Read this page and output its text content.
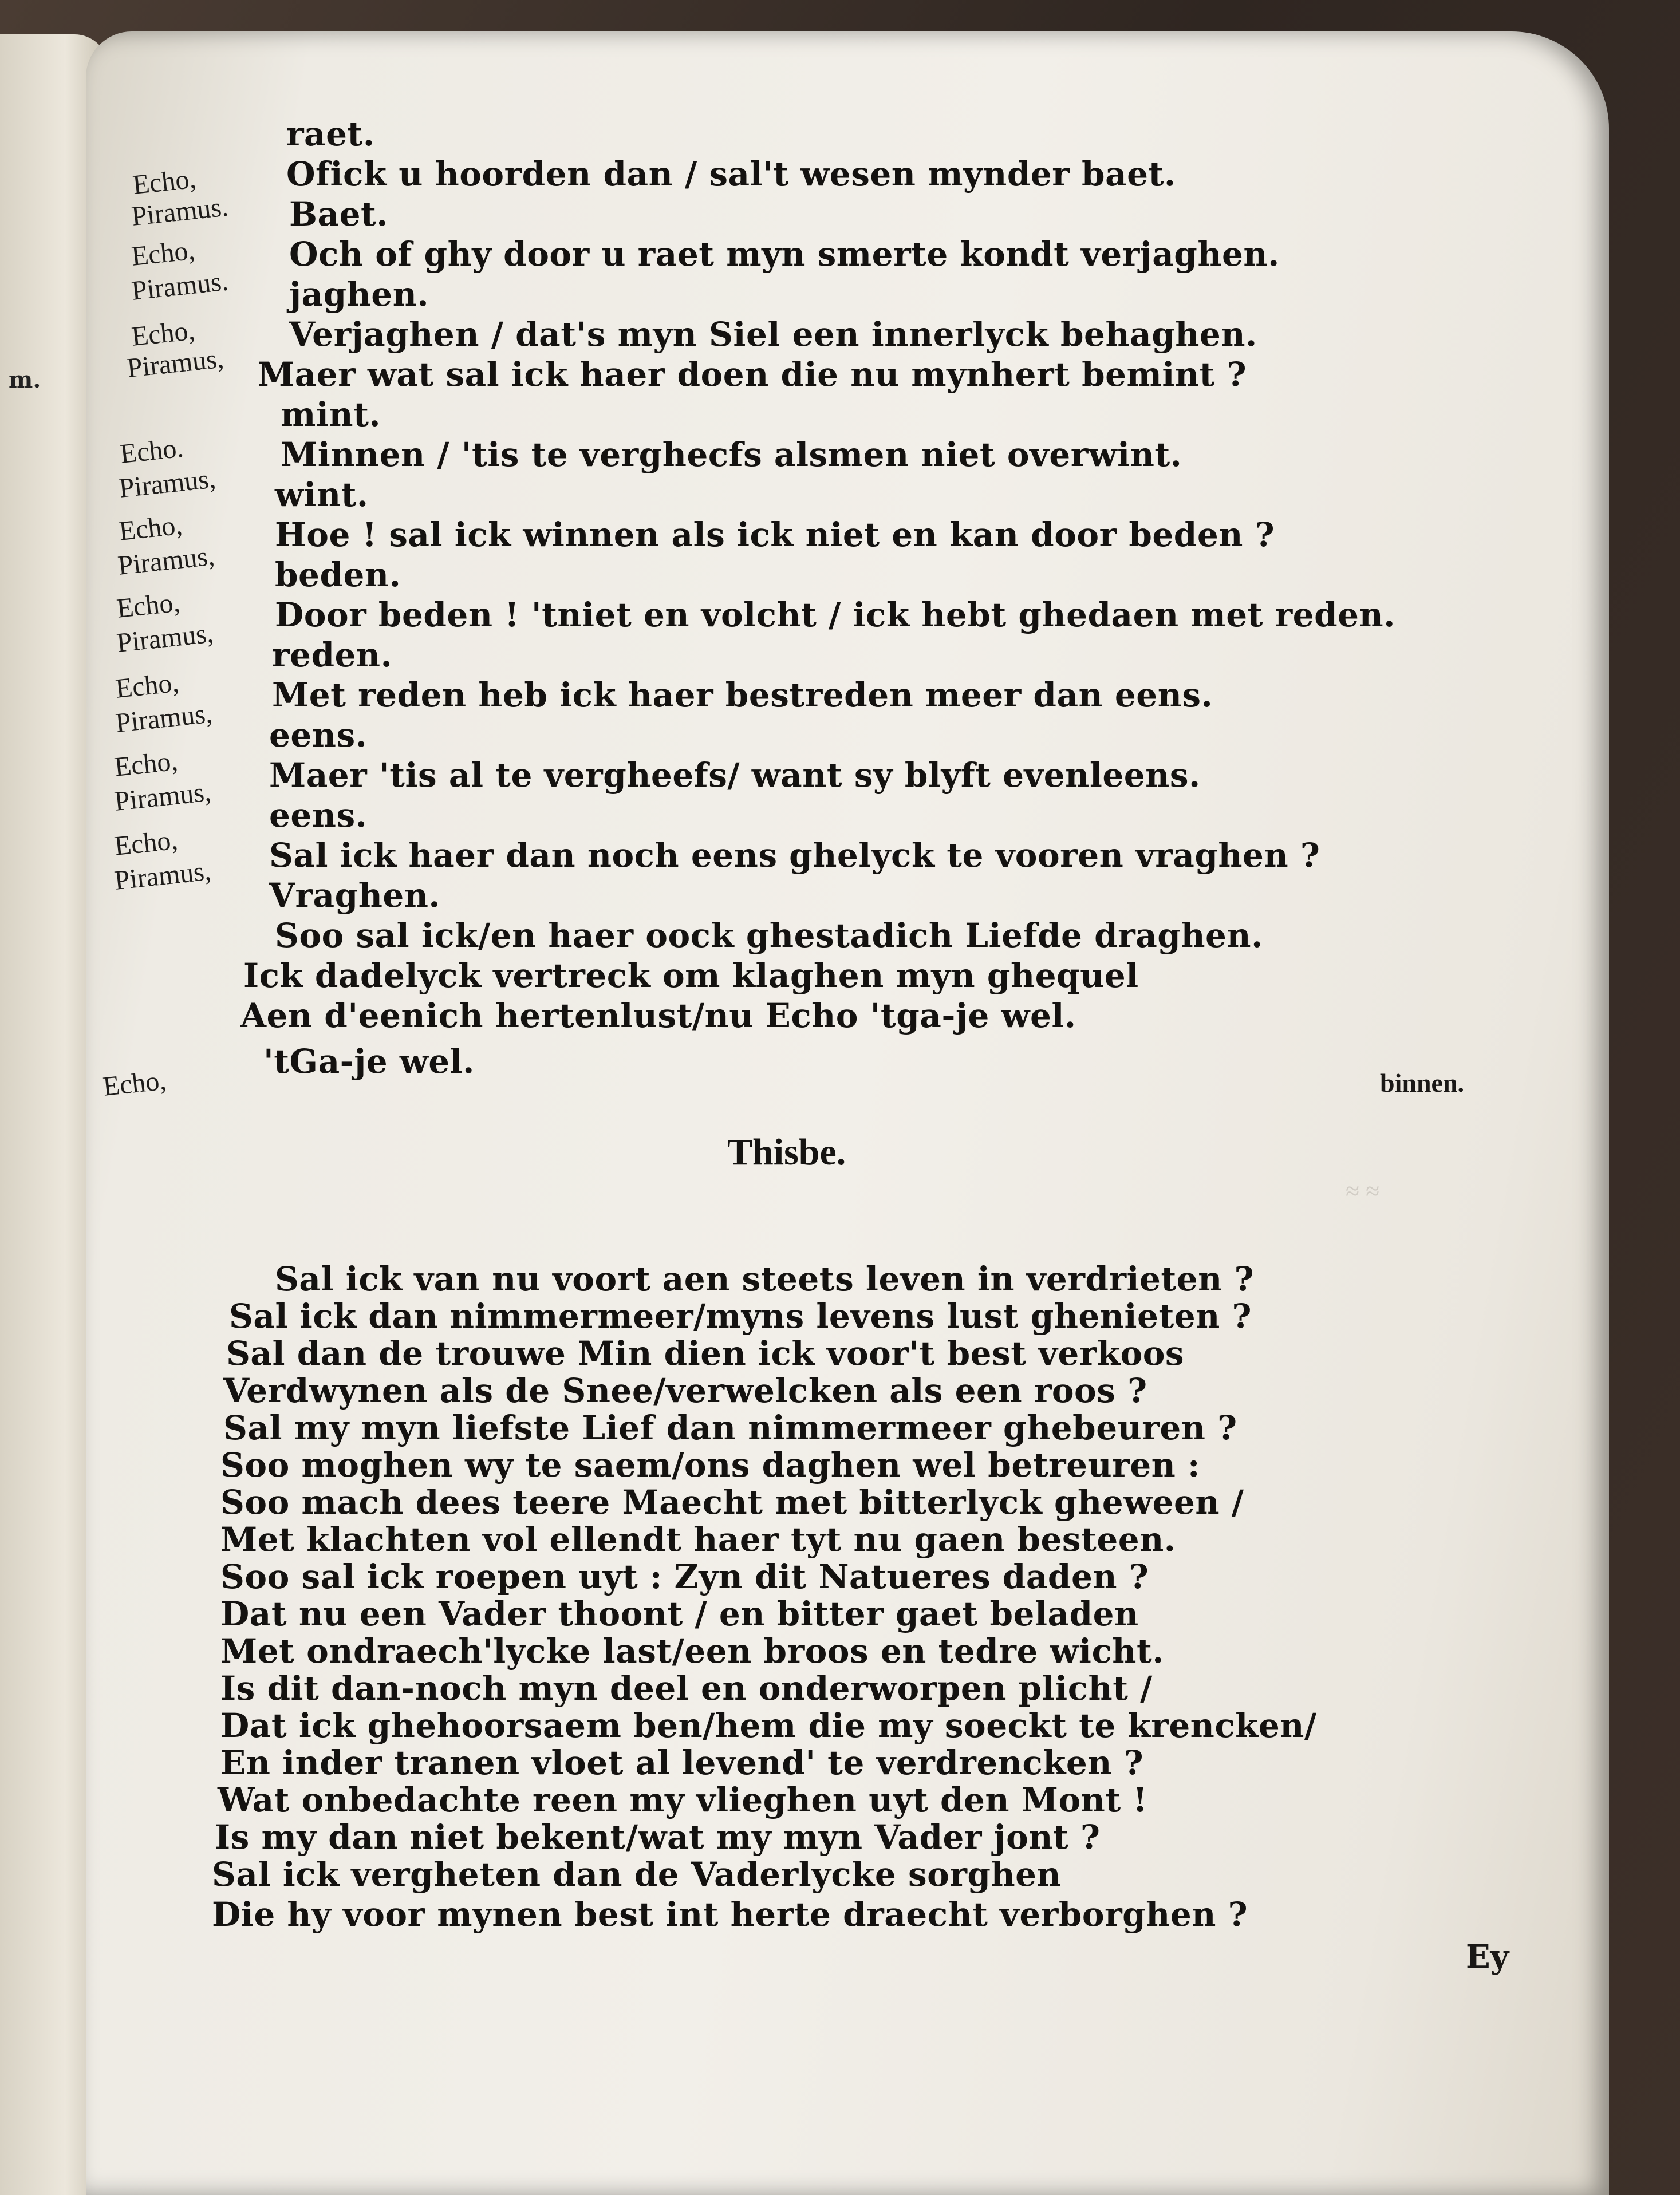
m.
≈ ≈
Echo,
Piramus.
Echo,
Piramus.
Echo,
Piramus,
Echo.
Piramus,
Echo,
Piramus,
Echo,
Piramus,
Echo,
Piramus,
Echo,
Piramus,
Echo,
Piramus,
Echo,
raet.
Ofick u hoorden dan / sal't wesen mynder baet.
Baet.
Och of ghy door u raet myn smerte kondt verjaghen.
jaghen.
Verjaghen / dat's myn Siel een innerlyck behaghen.
Maer wat sal ick haer doen die nu mynhert bemint ?
mint.
Minnen / 'tis te verghecfs alsmen niet overwint.
wint.
Hoe ! sal ick winnen als ick niet en kan door beden ?
beden.
Door beden ! 'tniet en volcht / ick hebt ghedaen met reden.
reden.
Met reden heb ick haer bestreden meer dan eens.
eens.
Maer 'tis al te vergheefs/ want sy blyft evenleens.
eens.
Sal ick haer dan noch eens ghelyck te vooren vraghen ?
Vraghen.
Soo sal ick/en haer oock ghestadich Liefde draghen.
Ick dadelyck vertreck om klaghen myn ghequel
Aen d'eenich hertenlust/nu Echo 'tga-je wel.
'tGa-je wel.
binnen.
Thisbe.
Sal ick van nu voort aen steets leven in verdrieten ?
Sal ick dan nimmermeer/myns levens lust ghenieten ?
Sal dan de trouwe Min dien ick voor't best verkoos
Verdwynen als de Snee/verwelcken als een roos ?
Sal my myn liefste Lief dan nimmermeer ghebeuren ?
Soo moghen wy te saem/ons daghen wel betreuren :
Soo mach dees teere Maecht met bitterlyck gheween /
Met klachten vol ellendt haer tyt nu gaen besteen.
Soo sal ick roepen uyt : Zyn dit Natueres daden ?
Dat nu een Vader thoont / en bitter gaet beladen
Met ondraech'lycke last/een broos en tedre wicht.
Is dit dan-noch myn deel en onderworpen plicht /
Dat ick ghehoorsaem ben/hem die my soeckt te krencken/
En inder tranen vloet al levend' te verdrencken ?
Wat onbedachte reen my vlieghen uyt den Mont !
Is my dan niet bekent/wat my myn Vader jont ?
Sal ick vergheten dan de Vaderlycke sorghen
Die hy voor mynen best int herte draecht verborghen ?
Ey
